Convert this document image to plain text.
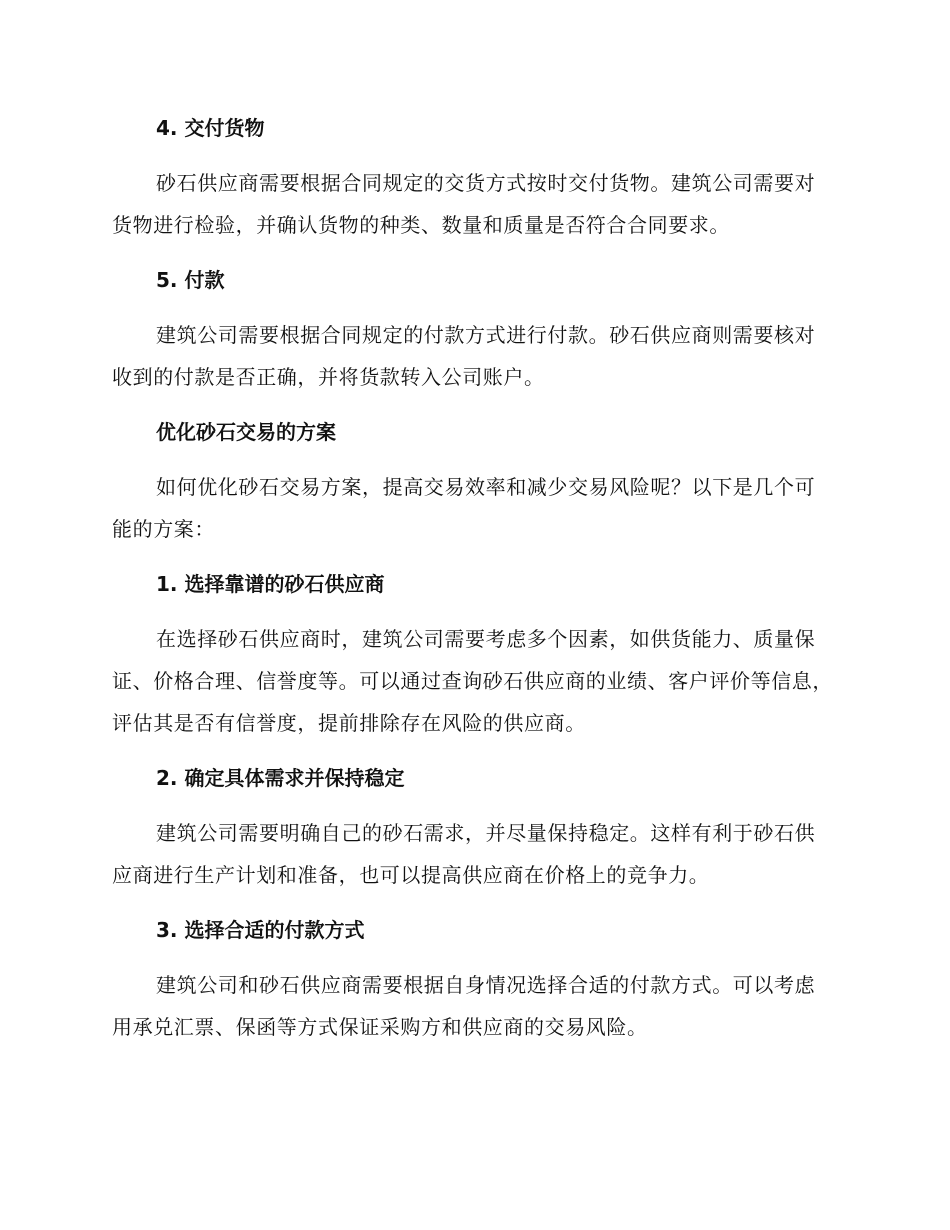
4. 交付货物

砂石供应商需要根据合同规定的交货方式按时交付货物。建筑公司需要对货物进行检验，并确认货物的种类、数量和质量是否符合合同要求。

5. 付款

建筑公司需要根据合同规定的付款方式进行付款。砂石供应商则需要核对收到的付款是否正确，并将货款转入公司账户。

优化砂石交易的方案

如何优化砂石交易方案，提高交易效率和减少交易风险呢？以下是几个可能的方案：

1. 选择靠谱的砂石供应商

在选择砂石供应商时，建筑公司需要考虑多个因素，如供货能力、质量保证、价格合理、信誉度等。可以通过查询砂石供应商的业绩、客户评价等信息，评估其是否有信誉度，提前排除存在风险的供应商。

2. 确定具体需求并保持稳定

建筑公司需要明确自己的砂石需求，并尽量保持稳定。这样有利于砂石供应商进行生产计划和准备，也可以提高供应商在价格上的竞争力。

3. 选择合适的付款方式

建筑公司和砂石供应商需要根据自身情况选择合适的付款方式。可以考虑用承兑汇票、保函等方式保证采购方和供应商的交易风险。
